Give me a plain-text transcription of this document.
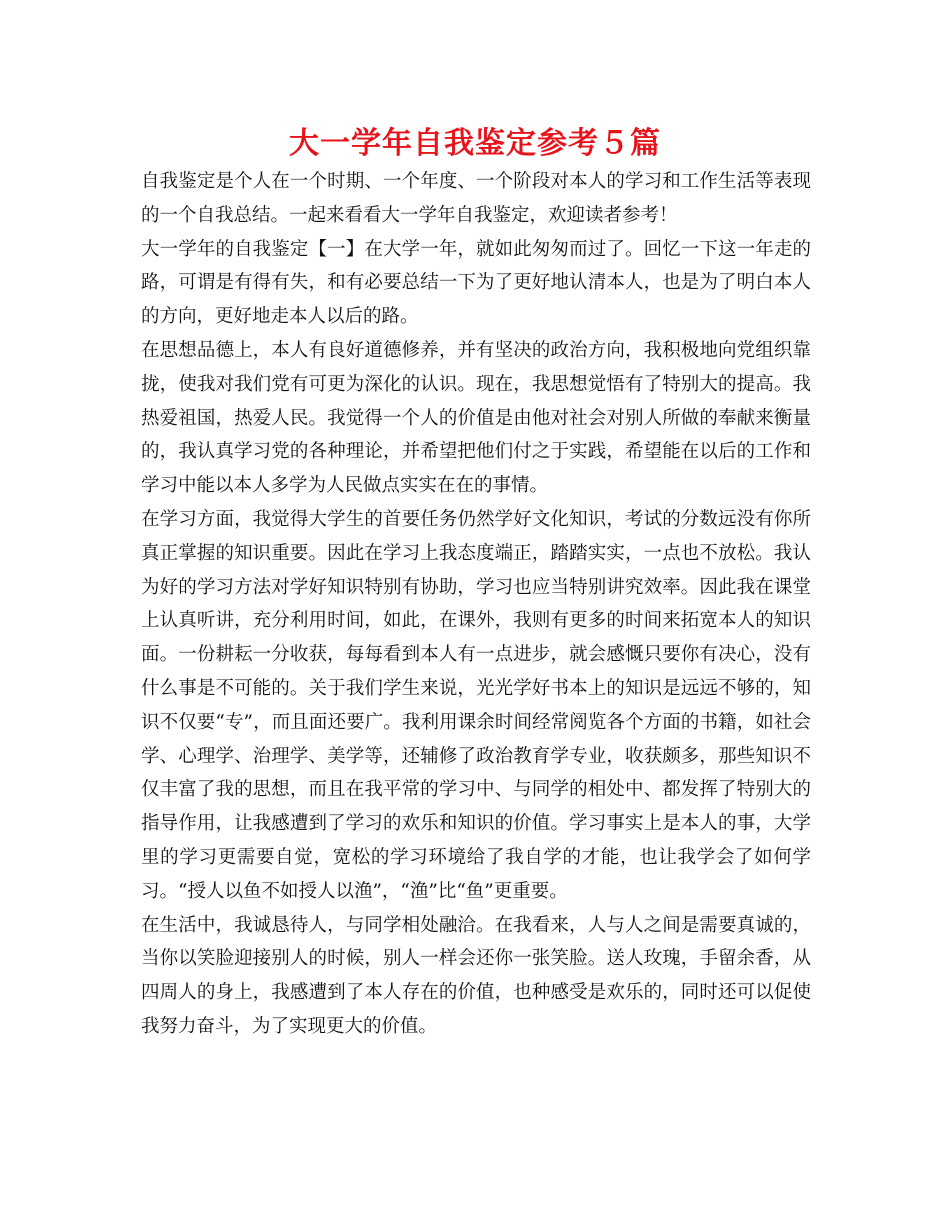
大一学年自我鉴定参考５篇

自我鉴定是个人在一个时期、一个年度、一个阶段对本人的学习和工作生活等表现的一个自我总结。一起来看看大一学年自我鉴定，欢迎读者参考！

大一学年的自我鉴定【一】在大学一年，就如此匆匆而过了。回忆一下这一年走的路，可谓是有得有失，和有必要总结一下为了更好地认清本人，也是为了明白本人的方向，更好地走本人以后的路。

在思想品德上，本人有良好道德修养，并有坚决的政治方向，我积极地向党组织靠拢，使我对我们党有可更为深化的认识。现在，我思想觉悟有了特别大的提高。我热爱祖国，热爱人民。我觉得一个人的价值是由他对社会对别人所做的奉献来衡量的，我认真学习党的各种理论，并希望把他们付之于实践，希望能在以后的工作和学习中能以本人多学为人民做点实实在在的事情。

在学习方面，我觉得大学生的首要任务仍然学好文化知识，考试的分数远没有你所真正掌握的知识重要。因此在学习上我态度端正，踏踏实实，一点也不放松。我认为好的学习方法对学好知识特别有协助，学习也应当特别讲究效率。因此我在课堂上认真听讲，充分利用时间，如此，在课外，我则有更多的时间来拓宽本人的知识面。一份耕耘一分收获，每每看到本人有一点进步，就会感慨只要你有决心，没有什么事是不可能的。关于我们学生来说，光光学好书本上的知识是远远不够的，知识不仅要“专”，而且面还要广。我利用课余时间经常阅览各个方面的书籍，如社会学、心理学、治理学、美学等，还辅修了政治教育学专业，收获颇多，那些知识不仅丰富了我的思想，而且在我平常的学习中、与同学的相处中、都发挥了特别大的指导作用，让我感遭到了学习的欢乐和知识的价值。学习事实上是本人的事，大学里的学习更需要自觉，宽松的学习环境给了我自学的才能，也让我学会了如何学习。“授人以鱼不如授人以渔”，“渔”比“鱼”更重要。

在生活中，我诚恳待人，与同学相处融洽。在我看来，人与人之间是需要真诚的，当你以笑脸迎接别人的时候，别人一样会还你一张笑脸。送人玫瑰，手留余香，从四周人的身上，我感遭到了本人存在的价值，也种感受是欢乐的，同时还可以促使我努力奋斗，为了实现更大的价值。
